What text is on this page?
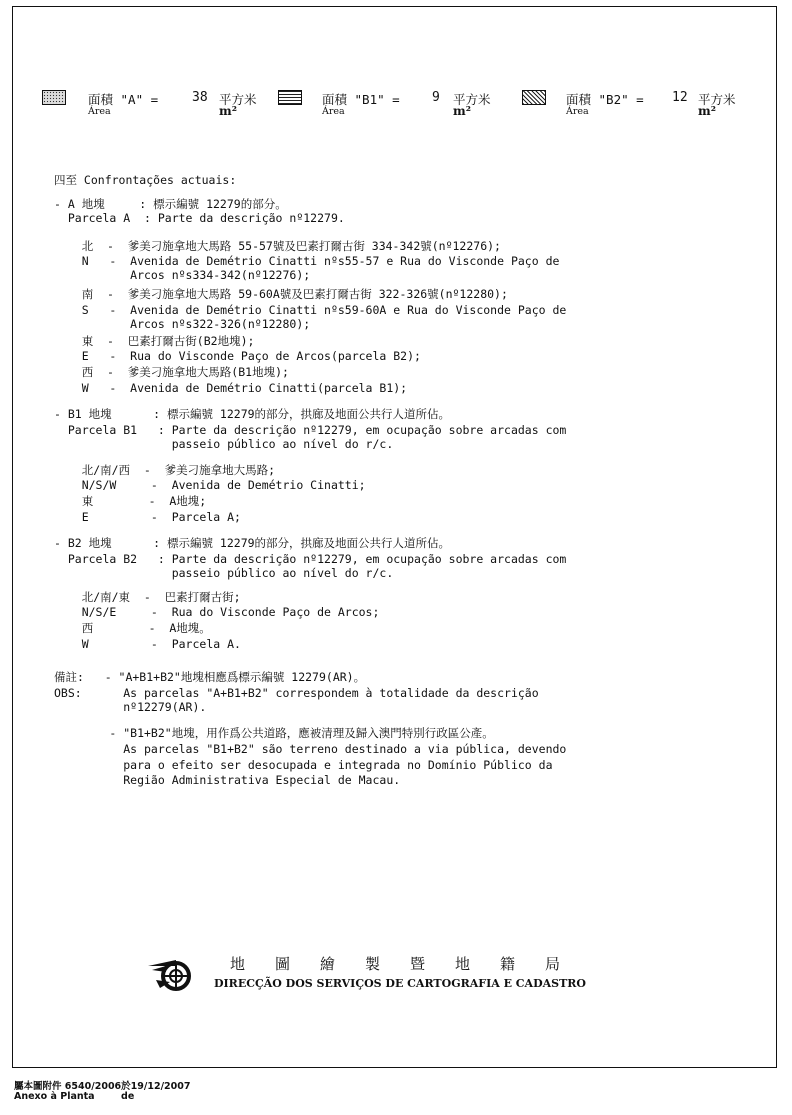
面積 "A" =
Área
38 平方米
m²
面積 "B1" =
Área
9 平方米
m²
面積 "B2" =
Área
12 平方米
m²
四至 Confrontações actuais:
- A 地塊     : 標示編號 12279的部分。
Parcela A  : Parte da descrição nº12279.
北  -  爹美刁施拿地大馬路 55-57號及巴素打爾古街 334-342號(nº12276);
N   -  Avenida de Demétrio Cinatti nºs55-57 e Rua do Visconde Paço de
Arcos nºs334-342(nº12276);
南  -  爹美刁施拿地大馬路 59-60A號及巴素打爾古街 322-326號(nº12280);
S   -  Avenida de Demétrio Cinatti nºs59-60A e Rua do Visconde Paço de
Arcos nºs322-326(nº12280);
東  -  巴素打爾古街(B2地塊);
E   -  Rua do Visconde Paço de Arcos(parcela B2);
西  -  爹美刁施拿地大馬路(B1地塊);
W   -  Avenida de Demétrio Cinatti(parcela B1);
- B1 地塊      : 標示編號 12279的部分，拱廊及地面公共行人道所佔。
Parcela B1   : Parte da descrição nº12279, em ocupação sobre arcadas com
passeio público ao nível do r/c.
北/南/西  -  爹美刁施拿地大馬路;
N/S/W     -  Avenida de Demétrio Cinatti;
東        -  A地塊;
E         -  Parcela A;
- B2 地塊      : 標示編號 12279的部分，拱廊及地面公共行人道所佔。
Parcela B2   : Parte da descrição nº12279, em ocupação sobre arcadas com
passeio público ao nível do r/c.
北/南/東  -  巴素打爾古街;
N/S/E     -  Rua do Visconde Paço de Arcos;
西        -  A地塊。
W         -  Parcela A.
備註:   - "A+B1+B2"地塊相應爲標示編號 12279(AR)。
OBS:      As parcelas "A+B1+B2" correspondem à totalidade da descrição
nº12279(AR).
- "B1+B2"地塊，用作爲公共道路，應被清理及歸入澳門特別行政區公產。
As parcelas "B1+B2" são terreno destinado a via pública, devendo
para o efeito ser desocupada e integrada no Domínio Público da
Região Administrativa Especial de Macau.
地　　圖　　繪　　製　　暨　　地　　籍　　局
DIRECÇÃO DOS SERVIÇOS DE CARTOGRAFIA E CADASTRO
屬本圖附件 6540/2006於19/12/2007
Anexo à Planta        de
